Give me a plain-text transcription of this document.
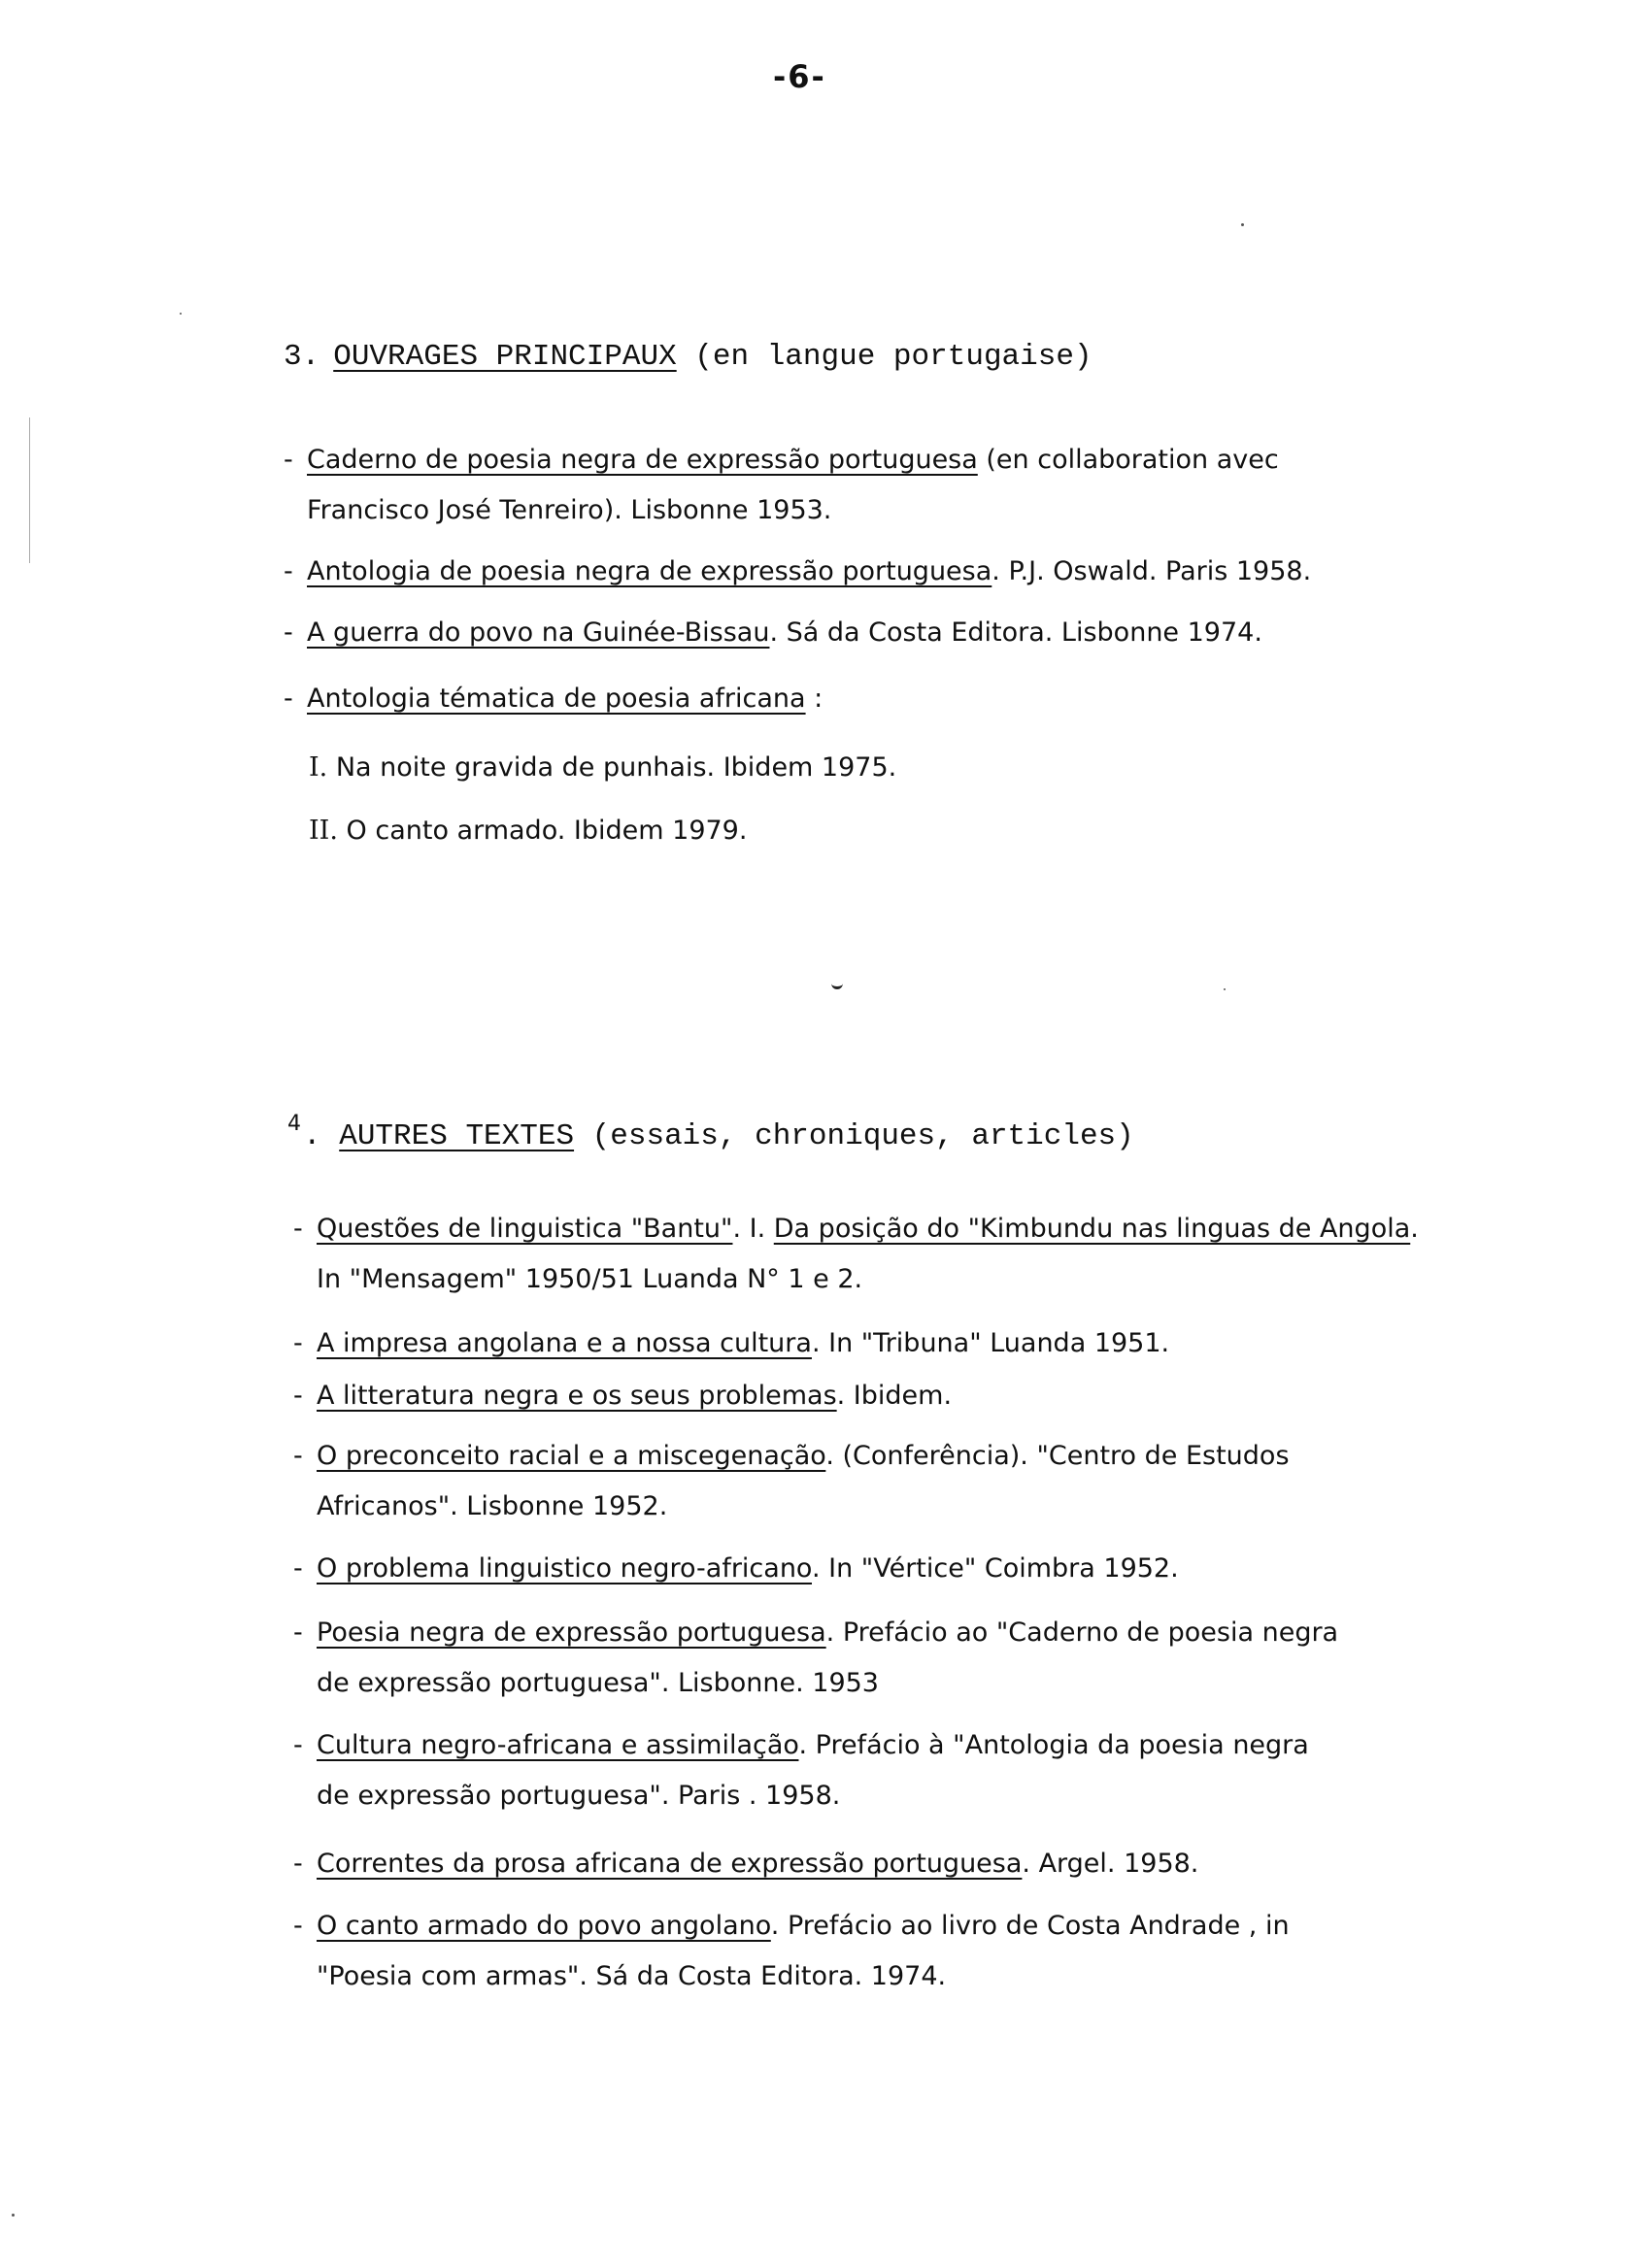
-6-
3. OUVRAGES PRINCIPAUX (en langue portugaise)
- Caderno de poesia negra de expressão portuguesa (en collaboration avec
Francisco José Tenreiro). Lisbonne 1953.
- Antologia de poesia negra de expressão portuguesa. P.J. Oswald. Paris 1958.
- A guerra do povo na Guinée-Bissau. Sá da Costa Editora. Lisbonne 1974.
- Antologia tématica de poesia africana :
I. Na noite gravida de punhais. Ibidem 1975.
II. O canto armado. Ibidem 1979.
$^4$. AUTRES TEXTES (essais, chroniques, articles)
- Questões de linguistica "Bantu". I. Da posição do "Kimbundu nas linguas de Angola.
In "Mensagem" 1950/51 Luanda N° 1 e 2.
- A impresa angolana e a nossa cultura. In "Tribuna" Luanda 1951.
- A litteratura negra e os seus problemas. Ibidem.
- O preconceito racial e a miscegenação. (Conferência). "Centro de Estudos
Africanos". Lisbonne 1952.
- O problema linguistico negro-africano. In "Vértice" Coimbra 1952.
- Poesia negra de expressão portuguesa. Prefácio ao "Caderno de poesia negra
de expressão portuguesa". Lisbonne. 1953
- Cultura negro-africana e assimilação. Prefácio à "Antologia da poesia negra
de expressão portuguesa". Paris . 1958.
- Correntes da prosa africana de expressão portuguesa. Argel. 1958.
- O canto armado do povo angolano. Prefácio ao livro de Costa Andrade , in
"Poesia com armas". Sá da Costa Editora. 1974.
